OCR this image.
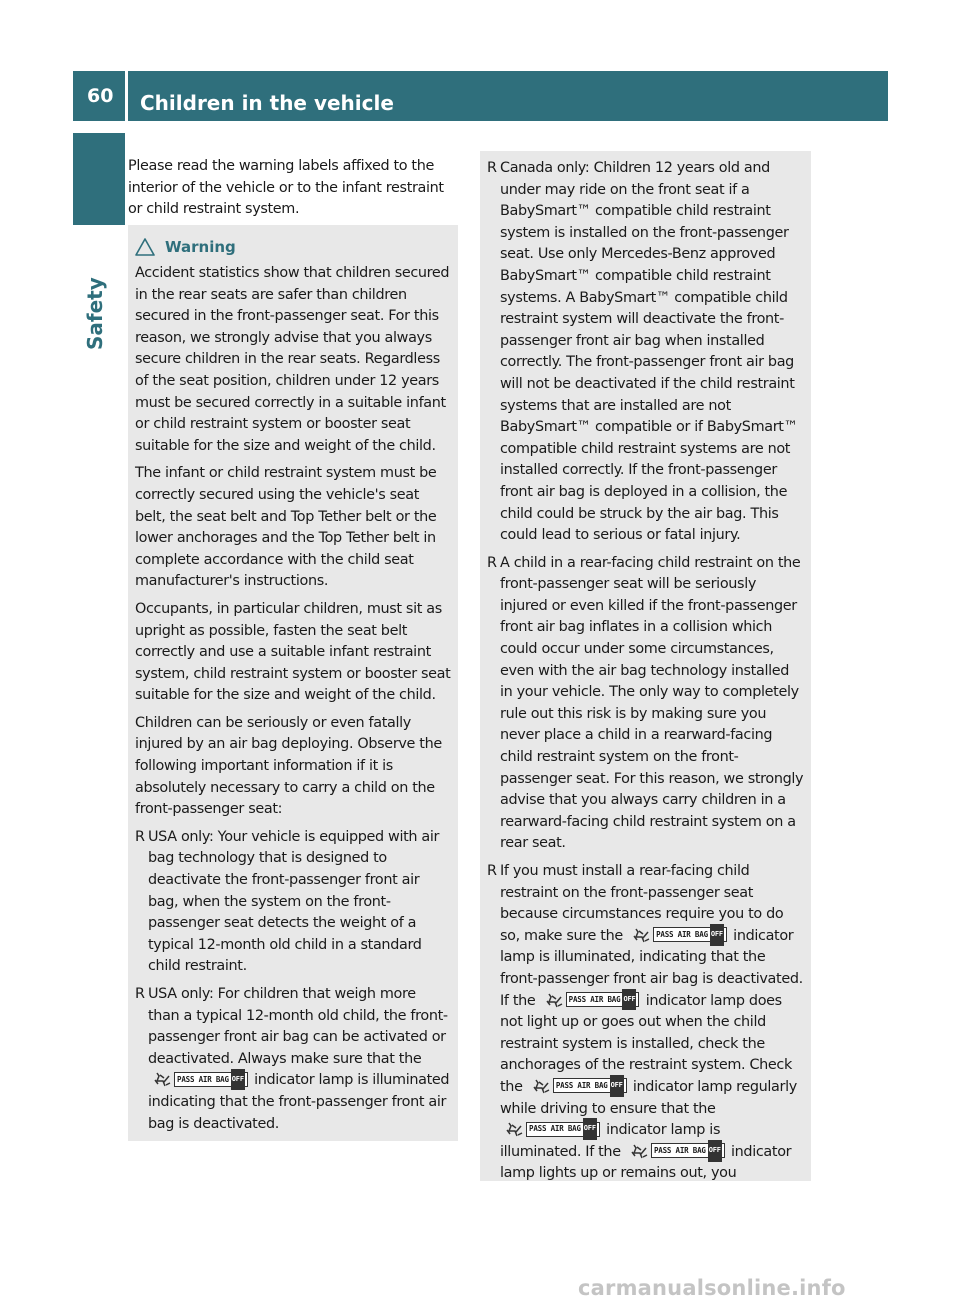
60	Children in the vehicle
Safety

Please read the warning labels affixed to the interior of the vehicle or to the infant restraint or child restraint system.

Warning

Accident statistics show that children secured in the rear seats are safer than children secured in the front-passenger seat. For this reason, we strongly advise that you always secure children in the rear seats. Regardless of the seat position, children under 12 years must be secured correctly in a suitable infant or child restraint system or booster seat suitable for the size and weight of the child.

The infant or child restraint system must be correctly secured using the vehicle's seat belt, the seat belt and Top Tether belt or the lower anchorages and the Top Tether belt in complete accordance with the child seat manufacturer's instructions.

Occupants, in particular children, must sit as upright as possible, fasten the seat belt correctly and use a suitable infant restraint system, child restraint system or booster seat suitable for the size and weight of the child.

Children can be seriously or even fatally injured by an air bag deploying. Observe the following important information if it is absolutely necessary to carry a child on the front-passenger seat:

R USA only: Your vehicle is equipped with air bag technology that is designed to deactivate the front-passenger front air bag, when the system on the front-passenger seat detects the weight of a typical 12-month old child in a standard child restraint.
R USA only: For children that weigh more than a typical 12-month old child, the front-passenger front air bag can be activated or deactivated. Always make sure that the
PASS AIR BAG OFF indicator lamp is illuminated indicating that the front-passenger front air bag is deactivated.
R Canada only: Children 12 years old and under may ride on the front seat if a BabySmart™ compatible child restraint system is installed on the front-passenger seat. Use only Mercedes-Benz approved BabySmart™ compatible child restraint systems. A BabySmart™ compatible child restraint system will deactivate the front-passenger front air bag when installed correctly. The front-passenger front air bag will not be deactivated if the child restraint systems that are installed are not BabySmart™ compatible or if BabySmart™ compatible child restraint systems are not installed correctly. If the front-passenger front air bag is deployed in a collision, the child could be struck by the air bag. This could lead to serious or fatal injury.
R A child in a rear-facing child restraint on the front-passenger seat will be seriously injured or even killed if the front-passenger front air bag inflates in a collision which could occur under some circumstances, even with the air bag technology installed in your vehicle. The only way to completely rule out this risk is by making sure you never place a child in a rearward-facing child restraint system on the front-passenger seat. For this reason, we strongly advise that you always carry children in a rearward-facing child restraint system on a rear seat.
R If you must install a rear-facing child restraint on the front-passenger seat because circumstances require you to do so, make sure the	PASS AIR BAG OFF indicator lamp is illuminated, indicating that the front-passenger front air bag is deactivated. If the	PASS AIR BAG OFF indicator lamp does not light up or goes out when the child restraint system is installed, check the anchorages of the restraint system. Check the	PASS AIR BAG OFF indicator lamp regularly while driving to ensure that the
PASS AIR BAG OFF indicator lamp is illuminated. If the	PASS AIR BAG OFF indicator lamp lights up or remains out, you
carmanualsonline.info
